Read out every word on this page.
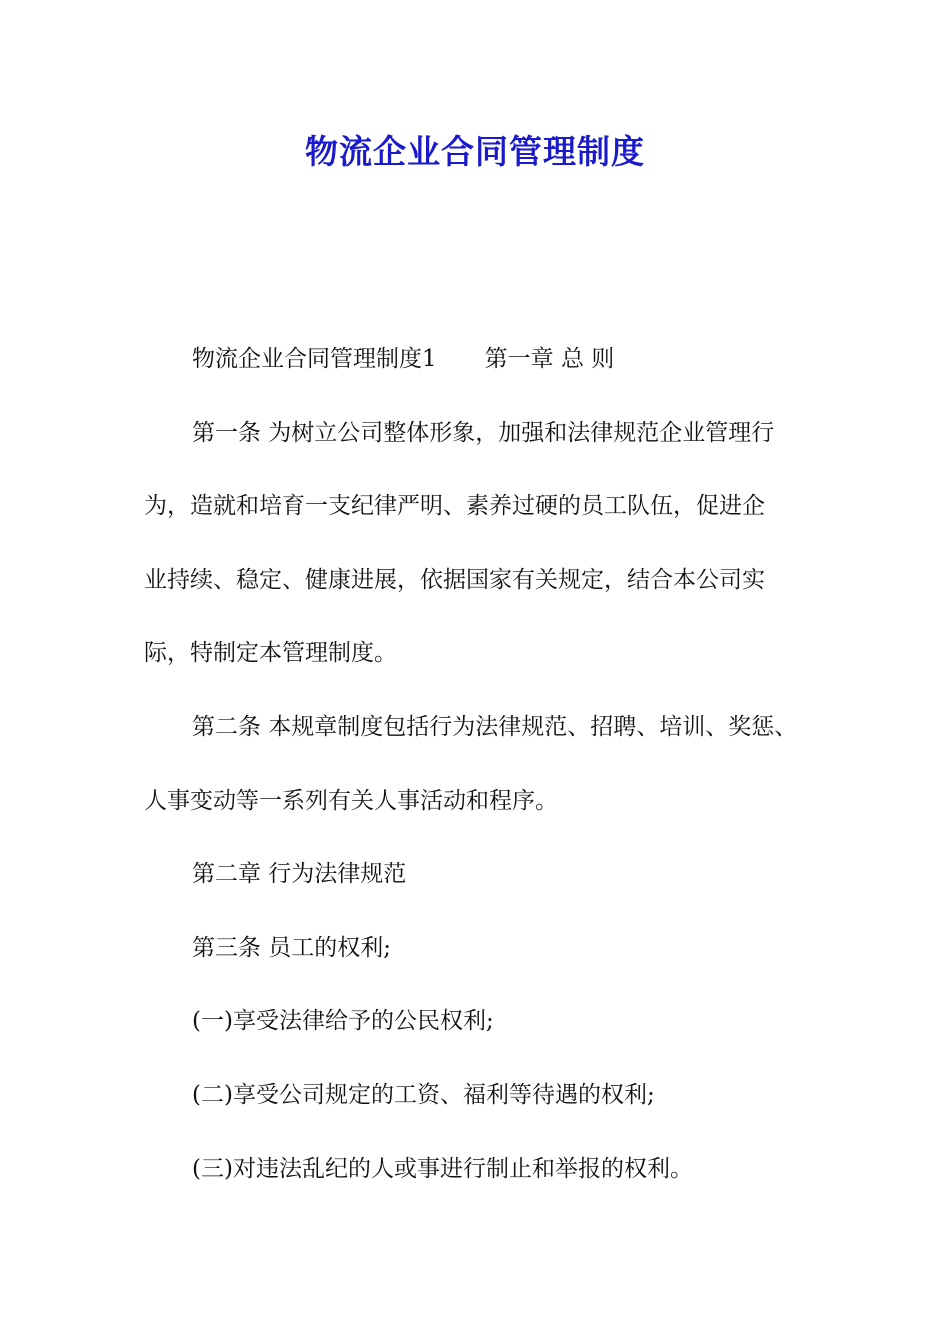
物流企业合同管理制度
物流企业合同管理制度1 第一章 总 则
第一条 为树立公司整体形象，加强和法律规范企业管理行
为，造就和培育一支纪律严明、素养过硬的员工队伍，促进企
业持续、稳定、健康进展，依据国家有关规定，结合本公司实
际，特制定本管理制度。
第二条 本规章制度包括行为法律规范、招聘、培训、奖惩、
人事变动等一系列有关人事活动和程序。
第二章 行为法律规范
第三条 员工的权利;
(一)享受法律给予的公民权利;
(二)享受公司规定的工资、福利等待遇的权利;
(三)对违法乱纪的人或事进行制止和举报的权利。
